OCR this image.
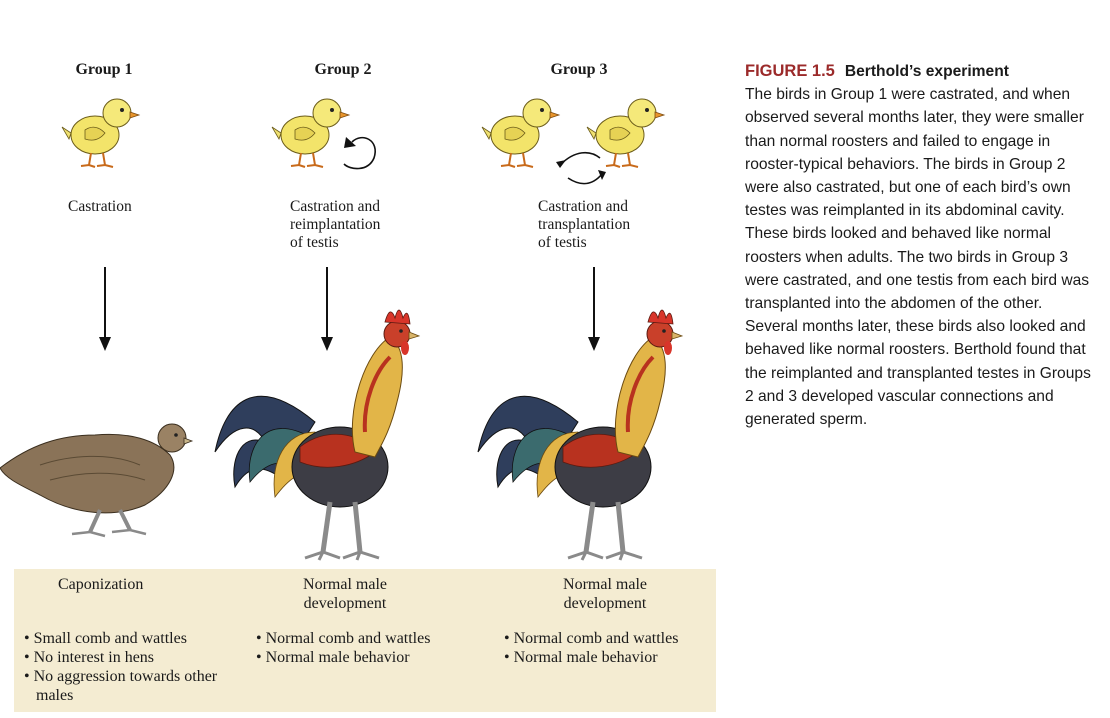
Group 1	Group 2	Group 3
Castration	Castration and
reimplantation
of testis
Castration and
transplantation
of testis
Caponization	Normal male
development
Normal male
development
• Small comb and wattles
• No interest in hens
• No aggression towards other males
• Normal comb and wattles
• Normal male behavior
• Normal comb and wattles
• Normal male behavior
FIGURE 1.5 Berthold’s experiment
The birds in Group 1 were castrated, and when observed several months later, they were smaller than normal roosters and failed to engage in rooster-typical behaviors. The birds in Group 2 were also castrated, but one of each bird’s own testes was reimplanted in its abdominal cavity. These birds looked and behaved like normal roosters when adults. The two birds in Group 3 were castrated, and one testis from each bird was transplanted into the abdomen of the other. Several months later, these birds also looked and behaved like normal roosters. Berthold found that the reimplanted and transplanted testes in Groups 2 and 3 developed vascular connections and generated sperm.
